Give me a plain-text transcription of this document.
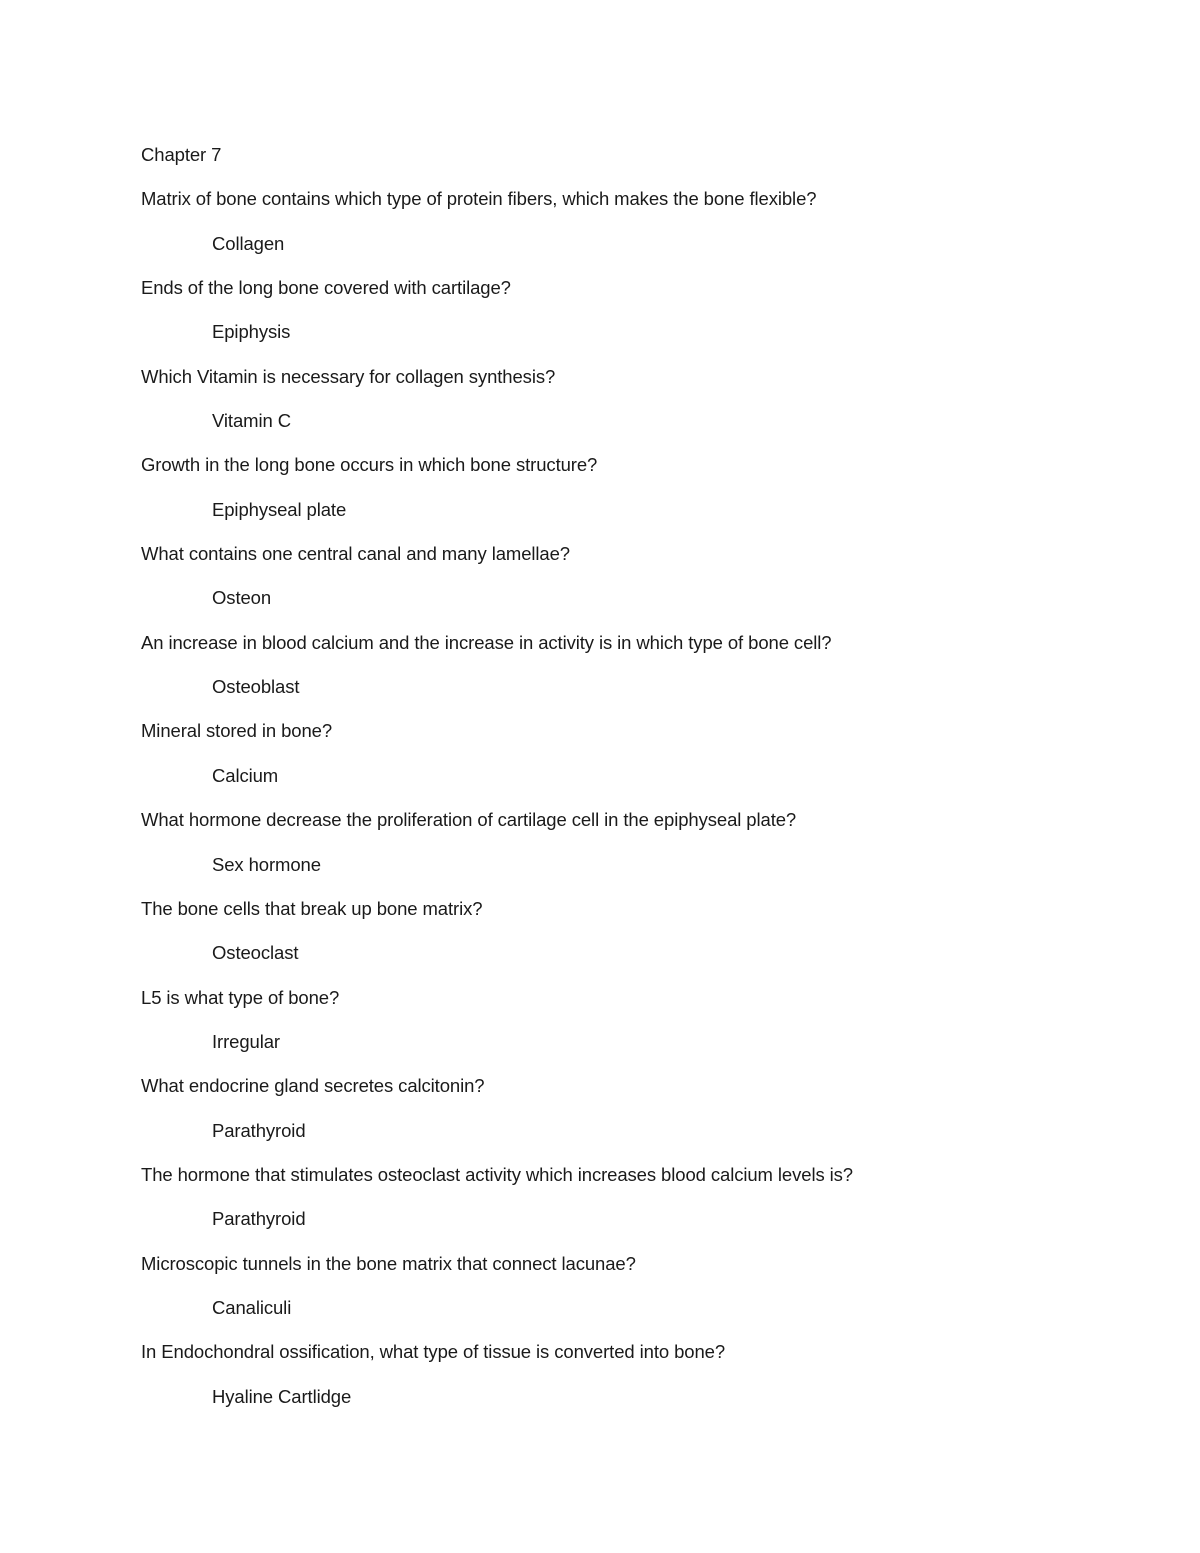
Chapter 7
Matrix of bone contains which type of protein fibers, which makes the bone flexible?
Collagen
Ends of the long bone covered with cartilage?
Epiphysis
Which Vitamin is necessary for collagen synthesis?
Vitamin C
Growth in the long bone occurs in which bone structure?
Epiphyseal plate
What contains one central canal and many lamellae?
Osteon
An increase in blood calcium and the increase in activity is in which type of bone cell?
Osteoblast
Mineral stored in bone?
Calcium
What hormone decrease the proliferation of cartilage cell in the epiphyseal plate?
Sex hormone
The bone cells that break up bone matrix?
Osteoclast
L5 is what type of bone?
Irregular
What endocrine gland secretes calcitonin?
Parathyroid
The hormone that stimulates osteoclast activity which increases blood calcium levels is?
Parathyroid
Microscopic tunnels in the bone matrix that connect lacunae?
Canaliculi
In Endochondral ossification, what type of tissue is converted into bone?
Hyaline Cartlidge
